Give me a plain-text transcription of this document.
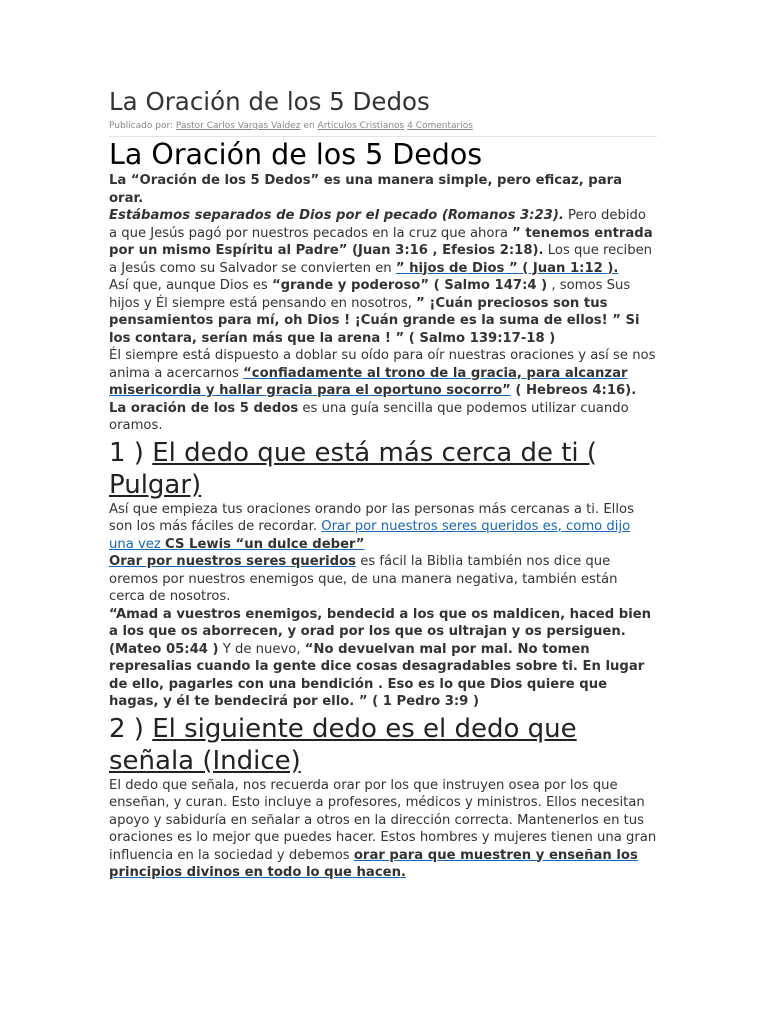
La Oración de los 5 Dedos
Publicado por: Pastor Carlos Vargas Valdez en Articulos Cristianos 4 Comentarios
La Oración de los 5 Dedos

La “Oración de los 5 Dedos” es una manera simple, pero eficaz, para orar.

Estábamos separados de Dios por el pecado (Romanos 3:23). Pero debido a que Jesús pagó por nuestros pecados en la cruz que ahora ” tenemos entrada por un mismo Espíritu al Padre” (Juan 3:16 , Efesios 2:18). Los que reciben a Jesús como su Salvador se convierten en ” hijos de Dios ” ( Juan 1:12 ).

Así que, aunque Dios es “grande y poderoso” ( Salmo 147:4 ) , somos Sus hijos y Él siempre está pensando en nosotros, ” ¡Cuán preciosos son tus pensamientos para mí, oh Dios ! ¡Cuán grande es la suma de ellos! ” Si los contara, serían más que la arena ! ” ( Salmo 139:17-18 )

Él siempre está dispuesto a doblar su oído para oír nuestras oraciones y así se nos anima a acercarnos “confiadamente al trono de la gracia, para alcanzar misericordia y hallar gracia para el oportuno socorro” ( Hebreos 4:16).

La oración de los 5 dedos es una guía sencilla que podemos utilizar cuando oramos.

1 ) El dedo que está más cerca de ti ( Pulgar)

Así que empieza tus oraciones orando por las personas más cercanas a ti. Ellos son los más fáciles de recordar. Orar por nuestros seres queridos es, como dijo una vez CS Lewis “un dulce deber”

Orar por nuestros seres queridos es fácil la Biblia también nos dice que oremos por nuestros enemigos que, de una manera negativa, también están cerca de nosotros.

“Amad a vuestros enemigos, bendecid a los que os maldicen, haced bien a los que os aborrecen, y orad por los que os ultrajan y os persiguen. (Mateo 05:44 ) Y de nuevo, “No devuelvan mal por mal. No tomen represalias cuando la gente dice cosas desagradables sobre ti. En lugar de ello, pagarles con una bendición . Eso es lo que Dios quiere que hagas, y él te bendecirá por ello. ” ( 1 Pedro 3:9 )

2 ) El siguiente dedo es el dedo que señala (Indice)

El dedo que señala, nos recuerda orar por los que instruyen osea por los que enseñan, y curan. Esto incluye a profesores, médicos y ministros. Ellos necesitan apoyo y sabiduría en señalar a otros en la dirección correcta. Mantenerlos en tus oraciones es lo mejor que puedes hacer. Estos hombres y mujeres tienen una gran influencia en la sociedad y debemos orar para que muestren y enseñan los principios divinos en todo lo que hacen.
